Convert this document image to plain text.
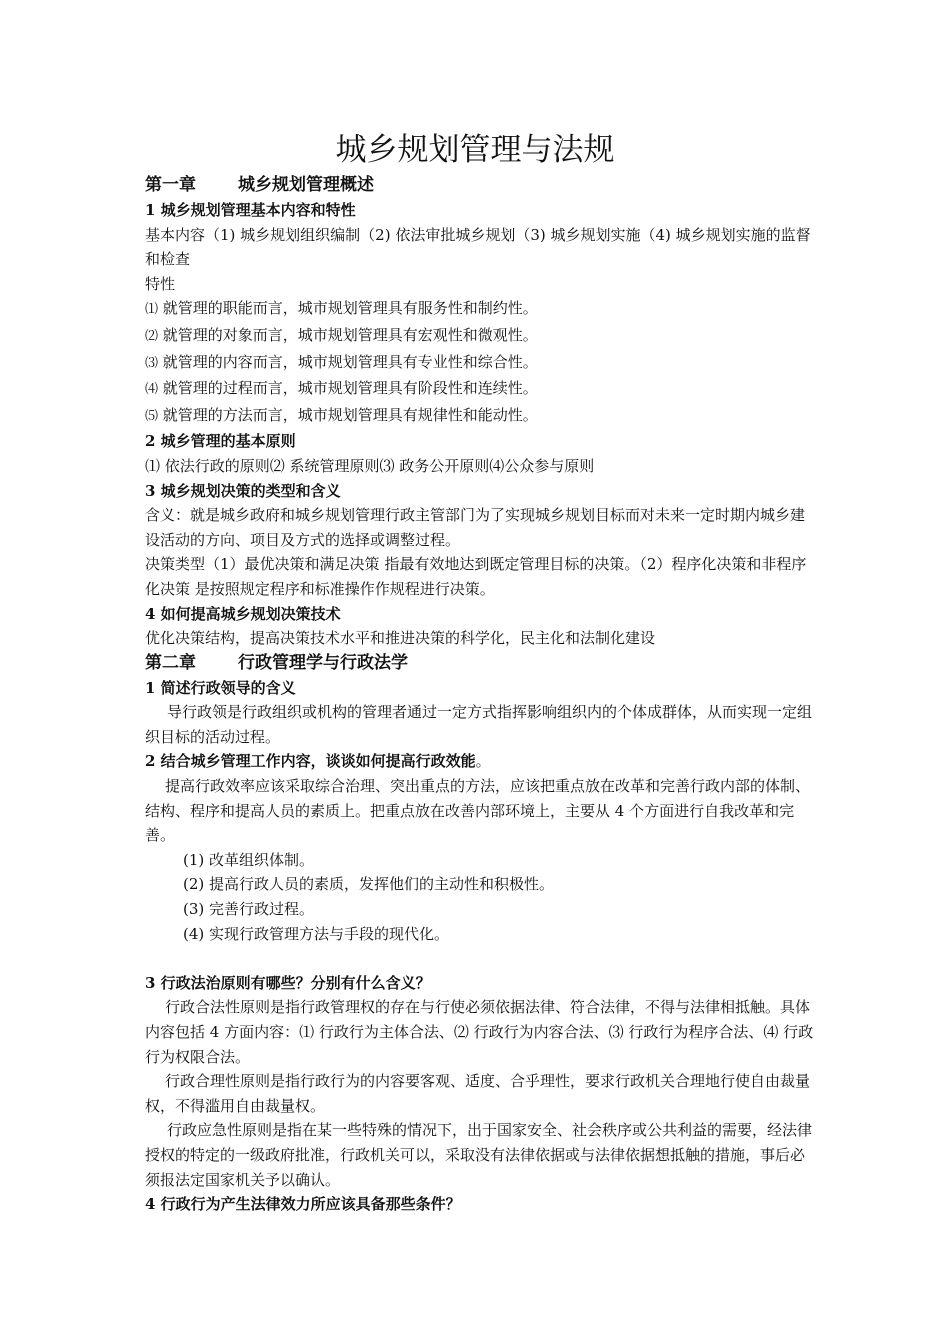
城乡规划管理与法规

第一章 城乡规划管理概述

1 城乡规划管理基本内容和特性

基本内容（1) 城乡规划组织编制（2) 依法审批城乡规划（3) 城乡规划实施（4) 城乡规划实施的监督和检查

特性

⑴ 就管理的职能而言，城市规划管理具有服务性和制约性。

⑵ 就管理的对象而言，城市规划管理具有宏观性和微观性。

⑶ 就管理的内容而言，城市规划管理具有专业性和综合性。

⑷ 就管理的过程而言，城市规划管理具有阶段性和连续性。

⑸ 就管理的方法而言，城市规划管理具有规律性和能动性。

2 城乡管理的基本原则

⑴ 依法行政的原则⑵ 系统管理原则⑶ 政务公开原则⑷公众参与原则

3 城乡规划决策的类型和含义

含义：就是城乡政府和城乡规划管理行政主管部门为了实现城乡规划目标而对未来一定时期内城乡建设活动的方向、项目及方式的选择或调整过程。

决策类型（1）最优决策和满足决策 指最有效地达到既定管理目标的决策。（2）程序化决策和非程序化决策 是按照规定程序和标准操作作规程进行决策。

4 如何提高城乡规划决策技术

优化决策结构，提高决策技术水平和推进决策的科学化，民主化和法制化建设

第二章 行政管理学与行政法学

1 简述行政领导的含义

导行政领是行政组织或机构的管理者通过一定方式指挥影响组织内的个体成群体，从而实现一定组织目标的活动过程。

2 结合城乡管理工作内容，谈谈如何提高行政效能。

提高行政效率应该采取综合治理、突出重点的方法，应该把重点放在改革和完善行政内部的体制、结构、程序和提高人员的素质上。把重点放在改善内部环境上，主要从 4 个方面进行自我改革和完善。

(1) 改革组织体制。

(2) 提高行政人员的素质，发挥他们的主动性和积极性。

(3) 完善行政过程。

(4) 实现行政管理方法与手段的现代化。

3 行政法治原则有哪些？分别有什么含义？

行政合法性原则是指行政管理权的存在与行使必须依据法律、符合法律，不得与法律相抵触。具体内容包括 4 方面内容：⑴ 行政行为主体合法、⑵ 行政行为内容合法、⑶ 行政行为程序合法、⑷ 行政行为权限合法。

行政合理性原则是指行政行为的内容要客观、适度、合乎理性，要求行政机关合理地行使自由裁量权，不得滥用自由裁量权。

行政应急性原则是指在某一些特殊的情况下，出于国家安全、社会秩序或公共利益的需要，经法律授权的特定的一级政府批准，行政机关可以，采取没有法律依据或与法律依据想抵触的措施，事后必须报法定国家机关予以确认。

4 行政行为产生法律效力所应该具备那些条件？
